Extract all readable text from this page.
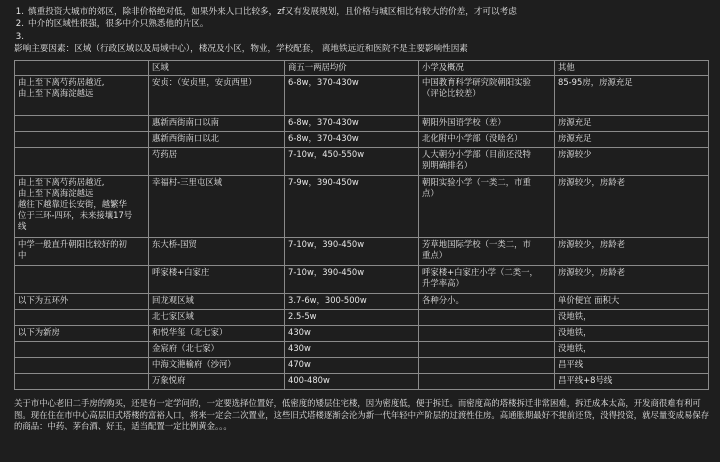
1. 慎重投资大城市的郊区，除非价格绝对低，如果外来人口比较多，zf又有发展规划，且价格与城区相比有较大的价差，才可以考虑
2. 中介的区域性很强，很多中介只熟悉他的片区。
3.
影响主要因素：区域（行政区域以及局域中心），楼况及小区，物业，学校配套， 离地铁远近和医院不是主要影响性因素
	区域	商五一两居均价	小学及概况	其他
由上至下离芍药居越近,
由上至下离海淀越远	安贞：（安贞里，安贞西里）	6-8w，370-430w	中国教育科学研究院朝阳实验
（评论比较差）	85-95房，房源充足
	惠新西街南口以南	6-8w，370-430w	朝阳外国语学校（差）	房源充足
	惠新西街南口以北	6-8w，370-430w	北化附中小学部（没啥名）	房源充足
	芍药居	7-10w，450-550w	人大朝分小学部（目前还没特
别明确排名）	房源较少
由上至下离芍药居越近,
由上至下离海淀越远
越往下越靠近长安街，越繁华
位于三环-四环，未来接壤17号
线	幸福村-三里屯区域	7-9w，390-450w	朝阳实验小学（一类二，市重
点）	房源较少，房龄老
中学一般直升朝阳比较好的初
中	东大桥-国贸	7-10w，390-450w	芳草地国际学校（一类二，市
重点）	房源较少，房龄老
	呼家楼+白家庄	7-10w，390-450w	呼家楼+白家庄小学（二类一，
升学率高）	房源较少，房龄老
以下为五环外	回龙观区域	3.7-6w，300-500w	各种分小。	单价便宜 面积大
	北七家区域	2.5-5w		没地铁，
以下为新房	和悦华玺（北七家）	430w		没地铁，
	金宸府（北七家）	430w		没地铁，
	中海文滟榆府（沙河）	470w		昌平线
	万象悦府	400-480w		昌平线+8号线
关于市中心老旧二手房的购买，还是有一定学问的，一定要选择位置好，低密度的矮层住宅楼，因为密度低，便于拆迁。而密度高的塔楼拆迁非常困难，拆迁成本太高，开发商很难有利可图。现在住在市中心高层旧式塔楼的富裕人口，将来一定会二次置业，这些旧式塔楼逐渐会沦为新一代年轻中产阶层的过渡性住房。高通胀期最好不提前还贷，没得投资，就尽量变成易保存的商品：中药、茅台酒、好玉，适当配置一定比例黄金。。。
